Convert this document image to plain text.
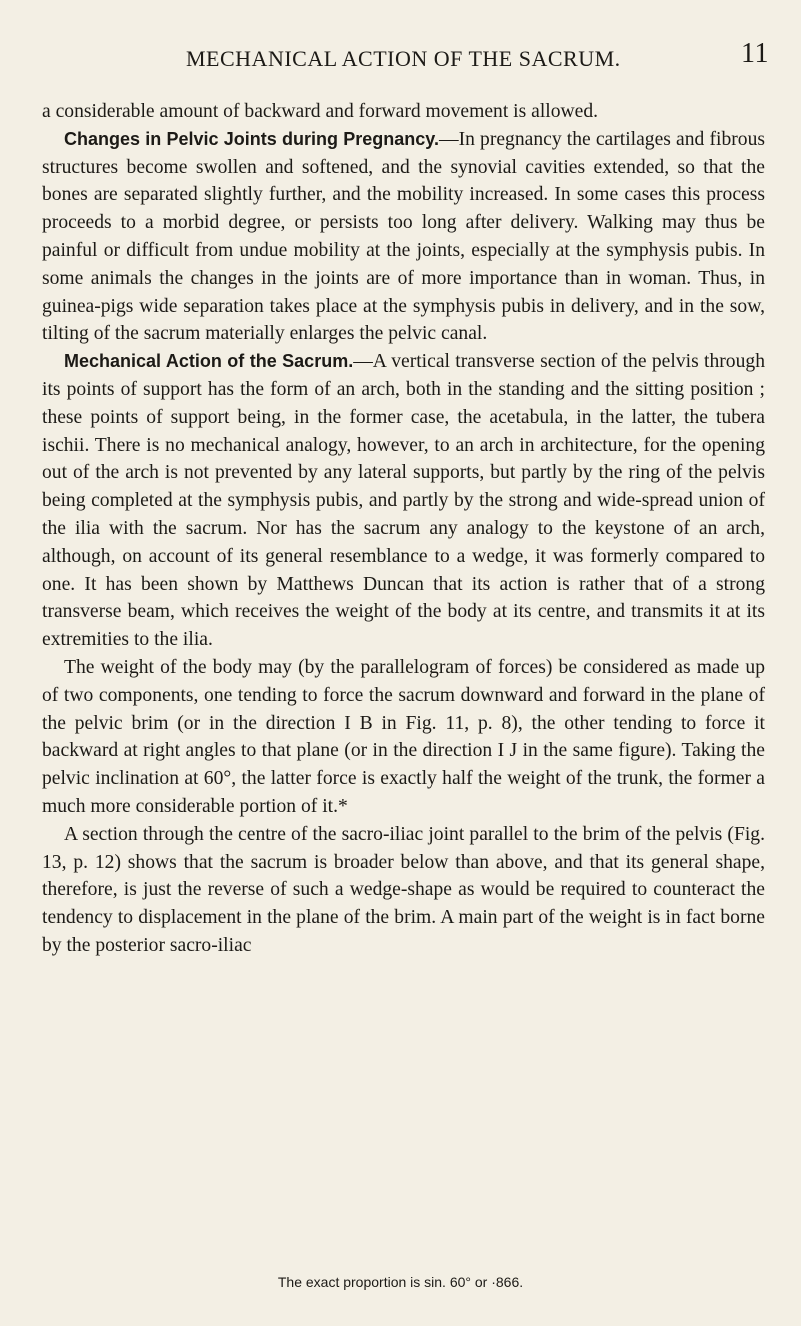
MECHANICAL ACTION OF THE SACRUM.	11

a considerable amount of backward and forward movement is allowed.

Changes in Pelvic Joints during Pregnancy.—In pregnancy the cartilages and fibrous structures become swollen and softened, and the synovial cavities extended, so that the bones are separated slightly further, and the mobility increased. In some cases this process proceeds to a morbid degree, or persists too long after delivery. Walking may thus be painful or difficult from undue mobility at the joints, especially at the symphysis pubis. In some animals the changes in the joints are of more importance than in woman. Thus, in guinea-pigs wide separation takes place at the symphysis pubis in delivery, and in the sow, tilting of the sacrum materially enlarges the pelvic canal.

Mechanical Action of the Sacrum.—A vertical transverse section of the pelvis through its points of support has the form of an arch, both in the standing and the sitting position ; these points of support being, in the former case, the acetabula, in the latter, the tubera ischii. There is no mechanical analogy, however, to an arch in architecture, for the opening out of the arch is not prevented by any lateral supports, but partly by the ring of the pelvis being completed at the symphysis pubis, and partly by the strong and wide-spread union of the ilia with the sacrum. Nor has the sacrum any analogy to the keystone of an arch, although, on account of its general resemblance to a wedge, it was formerly compared to one. It has been shown by Matthews Duncan that its action is rather that of a strong transverse beam, which receives the weight of the body at its centre, and transmits it at its extremities to the ilia.

The weight of the body may (by the parallelogram of forces) be considered as made up of two components, one tending to force the sacrum downward and forward in the plane of the pelvic brim (or in the direction I B in Fig. 11, p. 8), the other tending to force it backward at right angles to that plane (or in the direction I J in the same figure). Taking the pelvic inclination at 60°, the latter force is exactly half the weight of the trunk, the former a much more considerable portion of it.*

A section through the centre of the sacro-iliac joint parallel to the brim of the pelvis (Fig. 13, p. 12) shows that the sacrum is broader below than above, and that its general shape, therefore, is just the reverse of such a wedge-shape as would be required to counteract the tendency to displacement in the plane of the brim. A main part of the weight is in fact borne by the posterior sacro-iliac

The exact proportion is sin. 60° or ·866.
